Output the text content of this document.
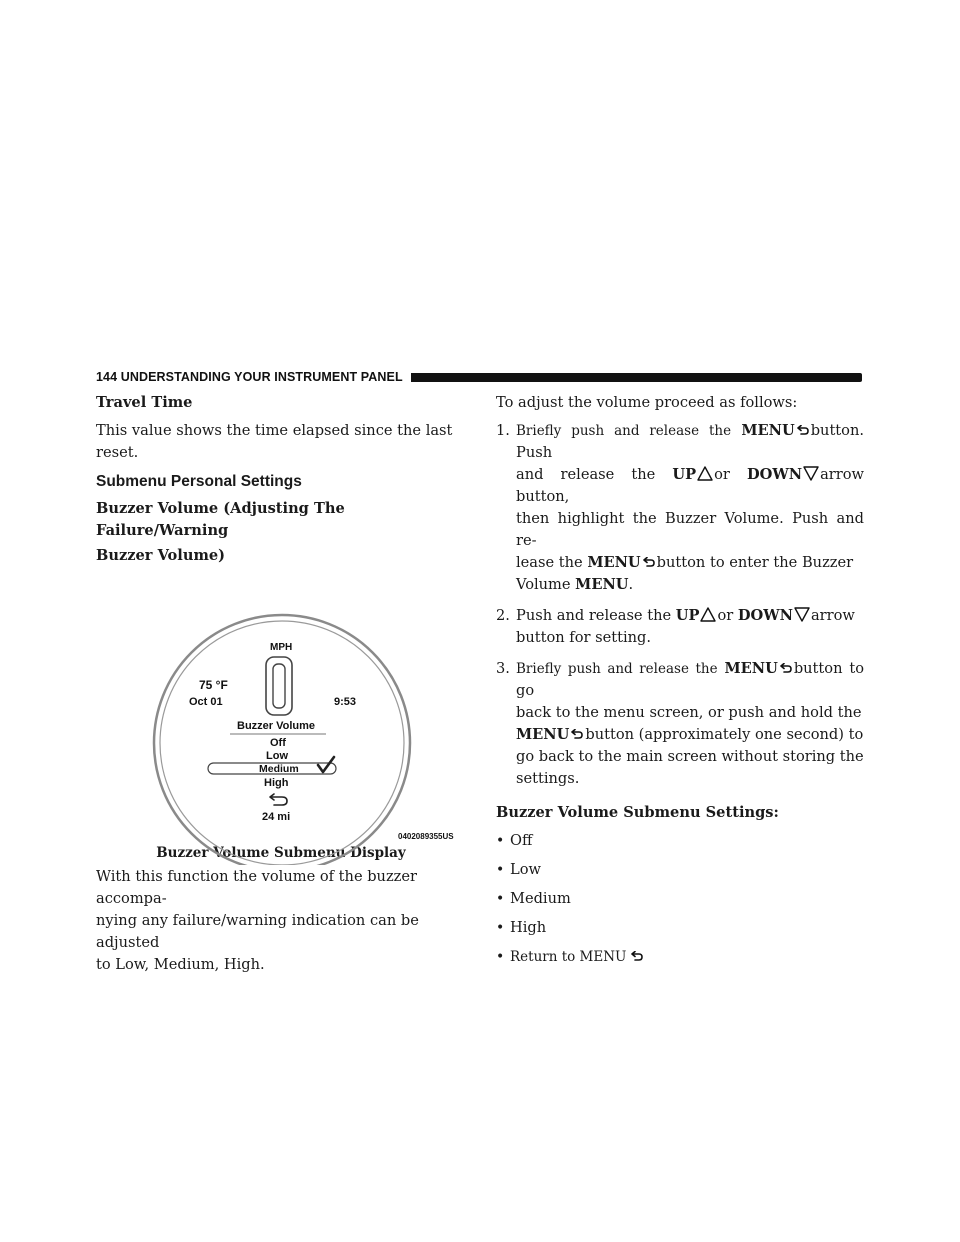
144 UNDERSTANDING YOUR INSTRUMENT PANEL

Travel Time

This value shows the time elapsed since the last reset.

Submenu Personal Settings

Buzzer Volume (Adjusting The Failure/Warning

Buzzer Volume)

MPH
75 °F
Oct 01	9:53
Buzzer Volume
Off
Low
Medium
High
24 mi
0402089355US

Buzzer Volume Submenu Display

With this function the volume of the buzzer accompa-

nying any failure/warning indication can be adjusted

to Low, Medium, High.

To adjust the volume proceed as follows:

1. Briefly push and release the MENU button. Push
and release the UP or DOWN arrow button,
then highlight the Buzzer Volume. Push and re-
lease the MENU button to enter the Buzzer
Volume MENU.
2. Push and release the UP or DOWN arrow
button for setting.
3. Briefly push and release the MENU button to go
back to the menu screen, or push and hold the
MENU button (approximately one second) to
go back to the main screen without storing the
settings.

Buzzer Volume Submenu Settings:

• Off
• Low
• Medium
• High
• Return to MENU
